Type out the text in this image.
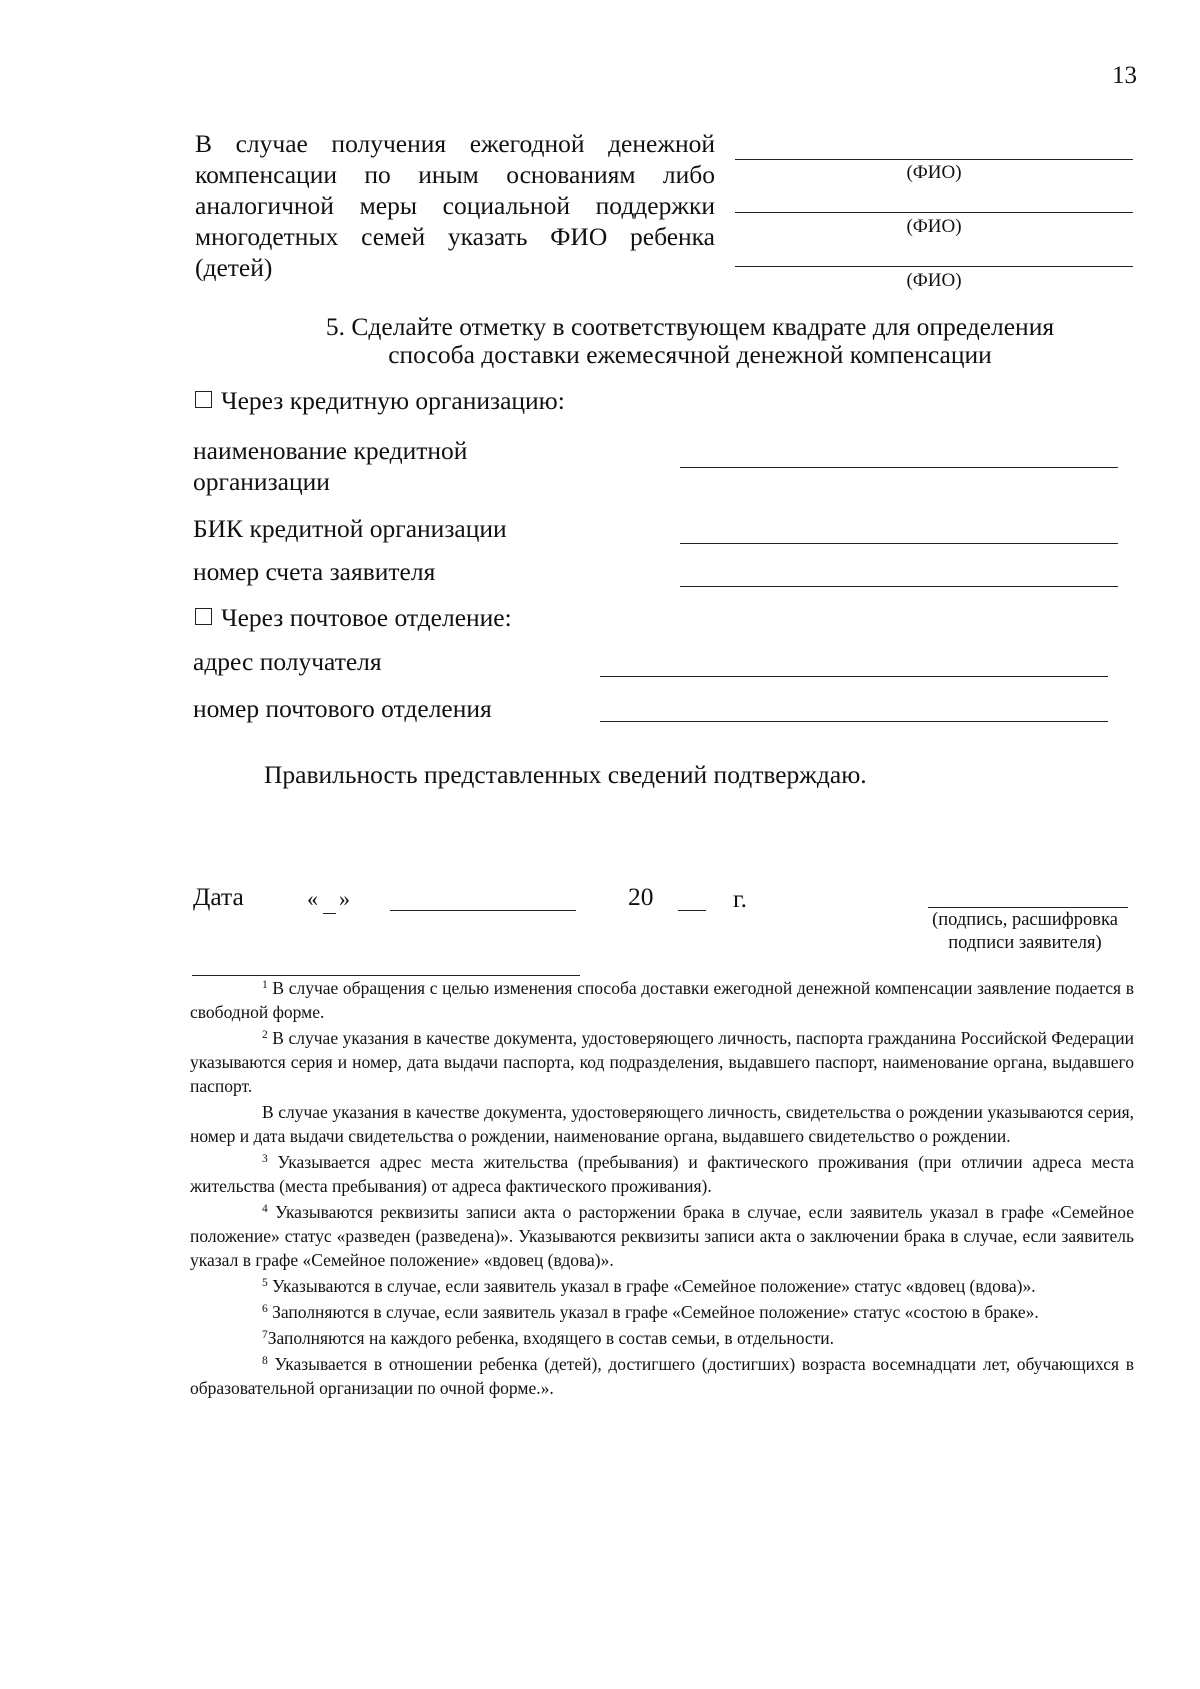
13
В случае получения ежегодной денежной компенсации по иным основаниям либо аналогичной меры социальной поддержки многодетных семей указать ФИО ребенка (детей)
(ФИО)
(ФИО)
(ФИО)
5. Сделайте отметку в соответствующем квадрате для определения
способа доставки ежемесячной денежной компенсации
Через кредитную организацию:
наименование кредитной
организации
БИК кредитной организации
номер счета заявителя
Через почтовое отделение:
адрес получателя
номер почтового отделения
Правильность представленных сведений подтверждаю.
Дата	« »	20	г.
(подпись, расшифровка
подписи заявителя)

$^1$ В случае обращения с целью изменения способа доставки ежегодной денежной компенсации заявление подается в свободной форме.

$^2$ В случае указания в качестве документа, удостоверяющего личность, паспорта гражданина Российской Федерации указываются серия и номер, дата выдачи паспорта, код подразделения, выдавшего паспорт, наименование органа, выдавшего паспорт.

В случае указания в качестве документа, удостоверяющего личность, свидетельства о рождении указываются серия, номер и дата выдачи свидетельства о рождении, наименование органа, выдавшего свидетельство о рождении.

$^3$ Указывается адрес места жительства (пребывания) и фактического проживания (при отличии адреса места жительства (места пребывания) от адреса фактического проживания).

$^4$ Указываются реквизиты записи акта о расторжении брака в случае, если заявитель указал в графе «Семейное положение» статус «разведен (разведена)». Указываются реквизиты записи акта о заключении брака в случае, если заявитель указал в графе «Семейное положение» «вдовец (вдова)».

$^5$ Указываются в случае, если заявитель указал в графе «Семейное положение» статус «вдовец (вдова)».

$^6$ Заполняются в случае, если заявитель указал в графе «Семейное положение» статус «состою в браке».

$^7$Заполняются на каждого ребенка, входящего в состав семьи, в отдельности.

$^8$ Указывается в отношении ребенка (детей), достигшего (достигших) возраста восемнадцати лет, обучающихся в образовательной организации по очной форме.».
